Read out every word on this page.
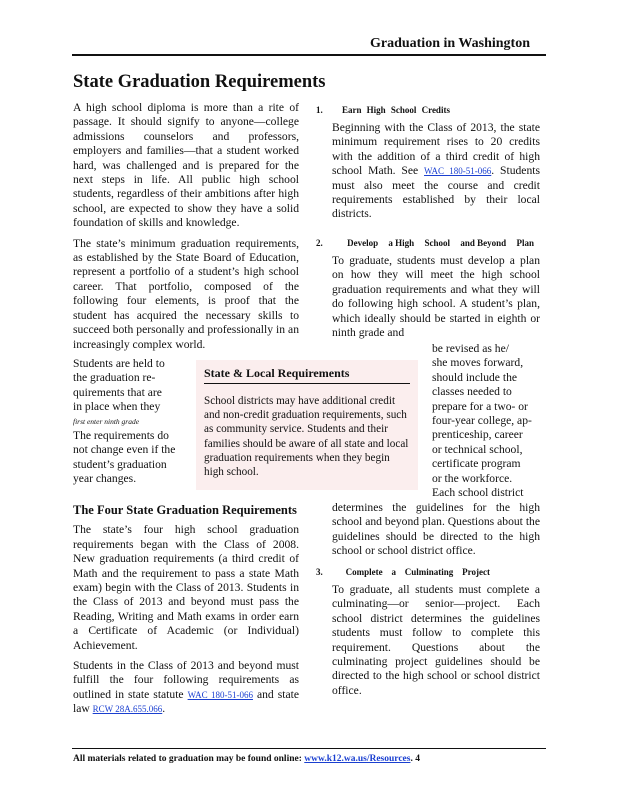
Graduation in Washington
State Graduation Requirements

A high school diploma is more than a rite of passage. It should signify to anyone—college admissions counselors and professors, employers and families—that a student worked hard, was challenged and is prepared for the next steps in life. All public high school students, regardless of their ambitions after high school, are expected to show they have a solid foundation of skills and knowledge.

The state’s minimum graduation requirements, as established by the State Board of Education, represent a portfolio of a student’s high school career. That portfolio, composed of the following four elements, is proof that the student has acquired the necessary skills to succeed both personally and professionally in an increasingly complex world.

Students are held to
the graduation re-
quirements that are
in place when they
first enter ninth grade
The requirements do
not change even if the
student’s graduation
year changes.
The Four State Graduation Requirements

The state’s four high school graduation requirements began with the Class of 2008. New graduation requirements (a third credit of Math and the requirement to pass a state Math exam) begin with the Class of 2013. Students in the Class of 2013 and beyond must pass the Reading, Writing and Math exams in order earn a Certificate of Academic (or Individual) Achievement.

Students in the Class of 2013 and beyond must fulfill the four following requirements as outlined in state statute WAC 180-51-066 and state law RCW 28A.655.066.

State & Local Requirements
School districts may have additional credit and non-credit graduation requirements, such as community service. Students and their families should be aware of all state and local graduation requirements when they begin high school.
1. Earn High School Credits
Beginning with the Class of 2013, the state minimum requirement rises to 20 credits with the addition of a third credit of high school Math. See WAC 180-51-066. Students must also meet the course and credit requirements established by their local districts.
2.	Develop a High School and Beyond Plan
To graduate, students must develop a plan on how they will meet the high school graduation requirements and what they will do following high school. A student’s plan, which ideally should be started in eighth or ninth grade and
be revised as he/
she moves forward,
should include the
classes needed to
prepare for a two- or
four-year college, ap-
prenticeship, career
or technical school,
certificate program
or the workforce.
Each school district
determines the guidelines for the high school and beyond plan. Questions about the guidelines should be directed to the high school or school district office.
3.	Complete a Culminating Project
To graduate, all students must complete a culminating—or senior—project. Each school district determines the guidelines students must follow to complete this requirement. Questions about the culminating project guidelines should be directed to the high school or school district office.
All materials related to graduation may be found online: www.k12.wa.us/Resources. 4
